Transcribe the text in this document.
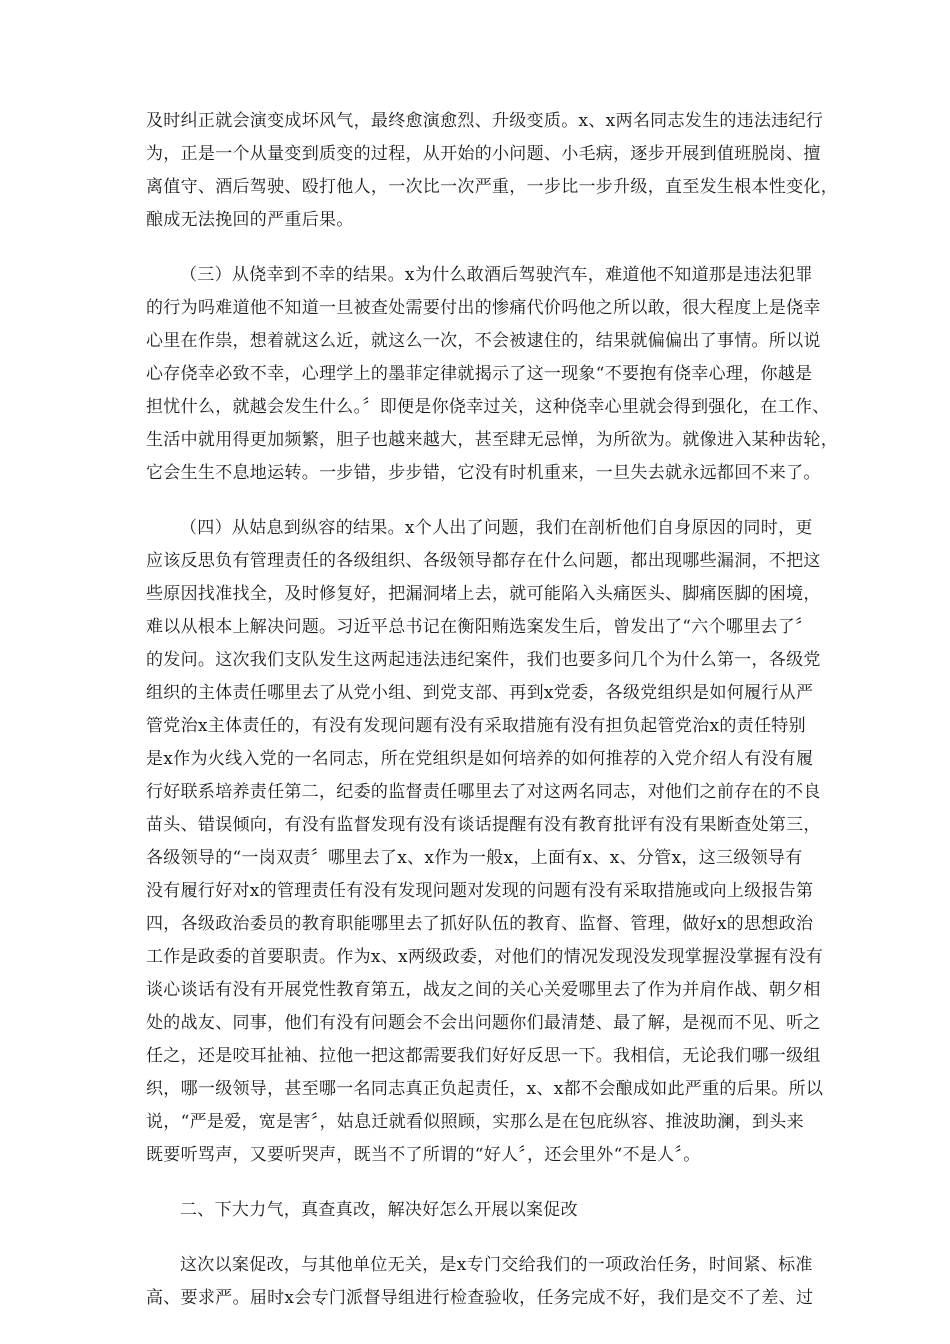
及时纠正就会演变成坏风气，最终愈演愈烈、升级变质。x、x两名同志发生的违法违纪行
为，正是一个从量变到质变的过程，从开始的小问题、小毛病，逐步开展到值班脱岗、擅
离值守、酒后驾驶、殴打他人，一次比一次严重，一步比一步升级，直至发生根本性变化，
酿成无法挽回的严重后果。
（三）从侥幸到不幸的结果。x为什么敢酒后驾驶汽车，难道他不知道那是违法犯罪
的行为吗难道他不知道一旦被查处需要付出的惨痛代价吗他之所以敢，很大程度上是侥幸
心里在作祟，想着就这么近，就这么一次，不会被逮住的，结果就偏偏出了事情。所以说
心存侥幸必致不幸，心理学上的墨菲定律就揭示了这一现象“不要抱有侥幸心理，你越是
担忧什么，就越会发生什么。〞即便是你侥幸过关，这种侥幸心里就会得到强化，在工作、
生活中就用得更加频繁，胆子也越来越大，甚至肆无忌惮，为所欲为。就像进入某种齿轮，
它会生生不息地运转。一步错，步步错，它没有时机重来，一旦失去就永远都回不来了。
（四）从姑息到纵容的结果。x个人出了问题，我们在剖析他们自身原因的同时，更
应该反思负有管理责任的各级组织、各级领导都存在什么问题，都出现哪些漏洞，不把这
些原因找准找全，及时修复好，把漏洞堵上去，就可能陷入头痛医头、脚痛医脚的困境，
难以从根本上解决问题。习近平总书记在衡阳贿选案发生后，曾发出了“六个哪里去了〞
的发问。这次我们支队发生这两起违法违纪案件，我们也要多问几个为什么第一，各级党
组织的主体责任哪里去了从党小组、到党支部、再到x党委，各级党组织是如何履行从严
管党治x主体责任的，有没有发现问题有没有采取措施有没有担负起管党治x的责任特别
是x作为火线入党的一名同志，所在党组织是如何培养的如何推荐的入党介绍人有没有履
行好联系培养责任第二，纪委的监督责任哪里去了对这两名同志，对他们之前存在的不良
苗头、错误倾向，有没有监督发现有没有谈话提醒有没有教育批评有没有果断查处第三，
各级领导的“一岗双责〞哪里去了x、x作为一般x，上面有x、x、分管x，这三级领导有
没有履行好对x的管理责任有没有发现问题对发现的问题有没有采取措施或向上级报告第
四，各级政治委员的教育职能哪里去了抓好队伍的教育、监督、管理，做好x的思想政治
工作是政委的首要职责。作为x、x两级政委，对他们的情况发现没发现掌握没掌握有没有
谈心谈话有没有开展党性教育第五，战友之间的关心关爱哪里去了作为并肩作战、朝夕相
处的战友、同事，他们有没有问题会不会出问题你们最清楚、最了解，是视而不见、听之
任之，还是咬耳扯袖、拉他一把这都需要我们好好反思一下。我相信，无论我们哪一级组
织，哪一级领导，甚至哪一名同志真正负起责任，x、x都不会酿成如此严重的后果。所以
说，“严是爱，宽是害〞，姑息迁就看似照顾，实那么是在包庇纵容、推波助澜，到头来
既要听骂声，又要听哭声，既当不了所谓的“好人〞，还会里外“不是人〞。
二、下大力气，真查真改，解决好怎么开展以案促改
这次以案促改，与其他单位无关，是x专门交给我们的一项政治任务，时间紧、标准
高、要求严。届时x会专门派督导组进行检查验收，任务完成不好，我们是交不了差、过
